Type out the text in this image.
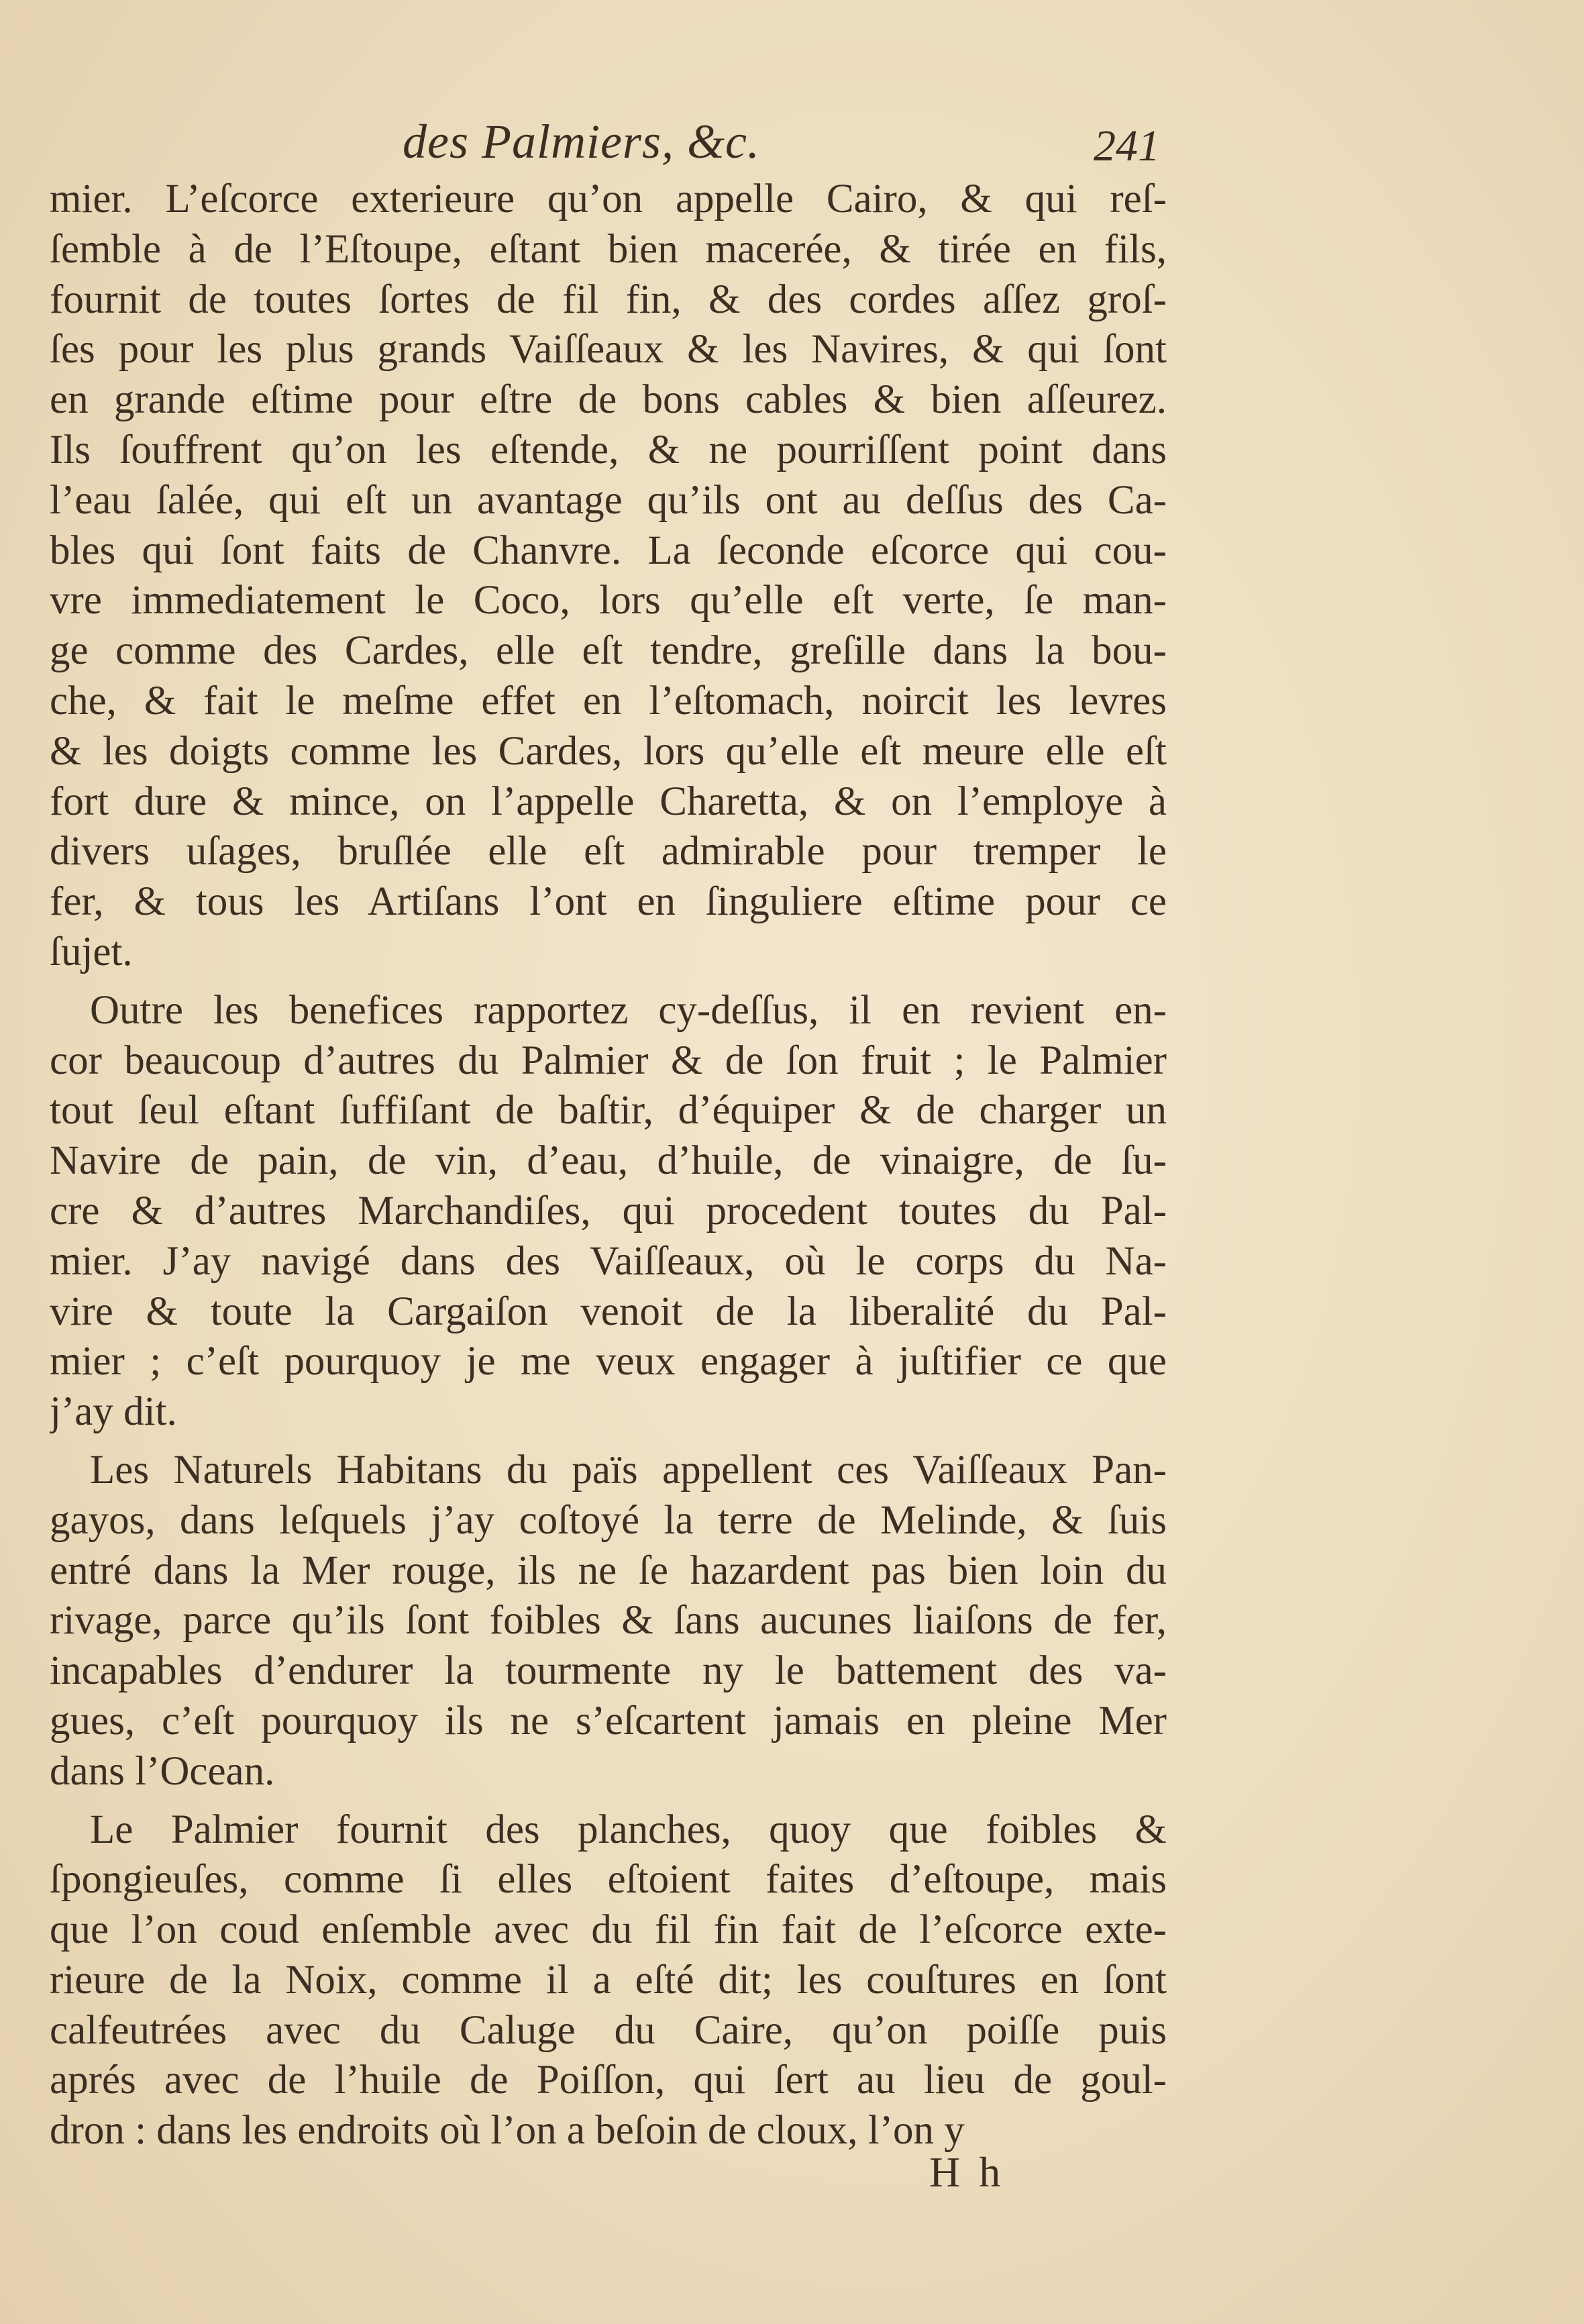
des Palmiers, &c.	241
mier. L’eſcorce exterieure qu’on appelle Cairo, & qui reſ-
ſemble à de l’Eſtoupe, eſtant bien macerée, & tirée en fils,
fournit de toutes ſortes de fil fin, & des cordes aſſez groſ-
ſes pour les plus grands Vaiſſeaux & les Navires, & qui ſont
en grande eſtime pour eſtre de bons cables & bien aſſeurez.
Ils ſouffrent qu’on les eſtende, & ne pourriſſent point dans
l’eau ſalée, qui eſt un avantage qu’ils ont au deſſus des Ca-
bles qui ſont faits de Chanvre. La ſeconde eſcorce qui cou-
vre immediatement le Coco, lors qu’elle eſt verte, ſe man-
ge comme des Cardes, elle eſt tendre, greſille dans la bou-
che, & fait le meſme effet en l’eſtomach, noircit les levres
& les doigts comme les Cardes, lors qu’elle eſt meure elle eſt
fort dure & mince, on l’appelle Charetta, & on l’employe à
divers uſages, bruſlée elle eſt admirable pour tremper le
fer, & tous les Artiſans l’ont en ſinguliere eſtime pour ce
ſujet.
Outre les benefices rapportez cy-deſſus, il en revient en-
cor beaucoup d’autres du Palmier & de ſon fruit ; le Palmier
tout ſeul eſtant ſuffiſant de baſtir, d’équiper & de charger un
Navire de pain, de vin, d’eau, d’huile, de vinaigre, de ſu-
cre & d’autres Marchandiſes, qui procedent toutes du Pal-
mier. J’ay navigé dans des Vaiſſeaux, où le corps du Na-
vire & toute la Cargaiſon venoit de la liberalité du Pal-
mier ; c’eſt pourquoy je me veux engager à juſtifier ce que
j’ay dit.
Les Naturels Habitans du païs appellent ces Vaiſſeaux Pan-
gayos, dans leſquels j’ay coſtoyé la terre de Melinde, & ſuis
entré dans la Mer rouge, ils ne ſe hazardent pas bien loin du
rivage, parce qu’ils ſont foibles & ſans aucunes liaiſons de fer,
incapables d’endurer la tourmente ny le battement des va-
gues, c’eſt pourquoy ils ne s’eſcartent jamais en pleine Mer
dans l’Ocean.
Le Palmier fournit des planches, quoy que foibles &
ſpongieuſes, comme ſi elles eſtoient faites d’eſtoupe, mais
que l’on coud enſemble avec du fil fin fait de l’eſcorce exte-
rieure de la Noix, comme il a eſté dit; les couſtures en ſont
calfeutrées avec du Caluge du Caire, qu’on poiſſe puis
aprés avec de l’huile de Poiſſon, qui ſert au lieu de goul-
dron : dans les endroits où l’on a beſoin de cloux, l’on y
H h
